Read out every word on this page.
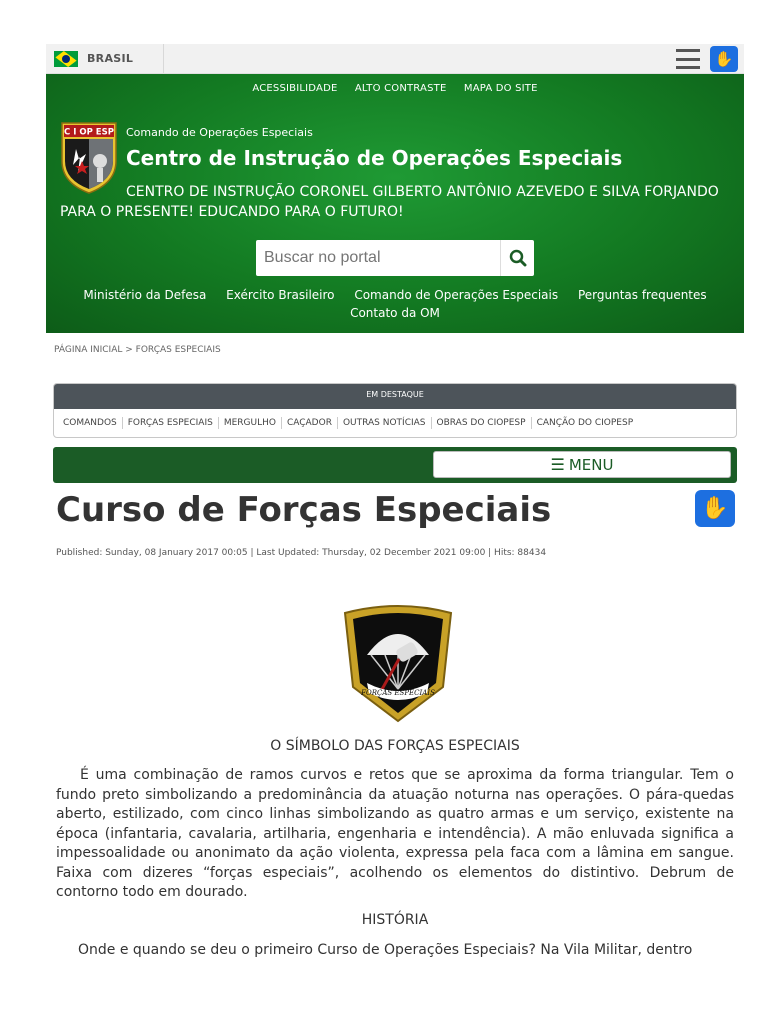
BRASIL	✋
ACESSIBILIDADE ALTO CONTRASTE MAPA DO SITE
C I OP ESP Comando de Operações Especiais
Centro de Instrução de Operações Especiais
CENTRO DE INSTRUÇÃO CORONEL GILBERTO ANTÔNIO AZEVEDO E SILVA FORJANDO PARA O PRESENTE! EDUCANDO PARA O FUTURO!
Buscar no portal
Ministério da Defesa Exército Brasileiro Comando de Operações Especiais Perguntas frequentes Contato da OM
PÁGINA INICIAL > FORÇAS ESPECIAIS
EM DESTAQUE
COMANDOS	FORÇAS ESPECIAIS	MERGULHO	CAÇADOR	OUTRAS NOTÍCIAS	OBRAS DO CIOPESP	CANÇÃO DO CIOPESP
☰ MENU
Curso de Forças Especiais	✋
Published: Sunday, 08 January 2017 00:05 | Last Updated: Thursday, 02 December 2021 09:00 | Hits: 88434
FORÇAS ESPECIAIS
O SÍMBOLO DAS FORÇAS ESPECIAIS

É uma combinação de ramos curvos e retos que se aproxima da forma triangular. Tem o fundo preto simbolizando a predominância da atuação noturna nas operações. O pára-quedas aberto, estilizado, com cinco linhas simbolizando as quatro armas e um serviço, existente na época (infantaria, cavalaria, artilharia, engenharia e intendência). A mão enluvada significa a impessoalidade ou anonimato da ação violenta, expressa pela faca com a lâmina em sangue. Faixa com dizeres “forças especiais”, acolhendo os elementos do distintivo. Debrum de contorno todo em dourado.

HISTÓRIA

Onde e quando se deu o primeiro Curso de Operações Especiais? Na Vila Militar, dentro
